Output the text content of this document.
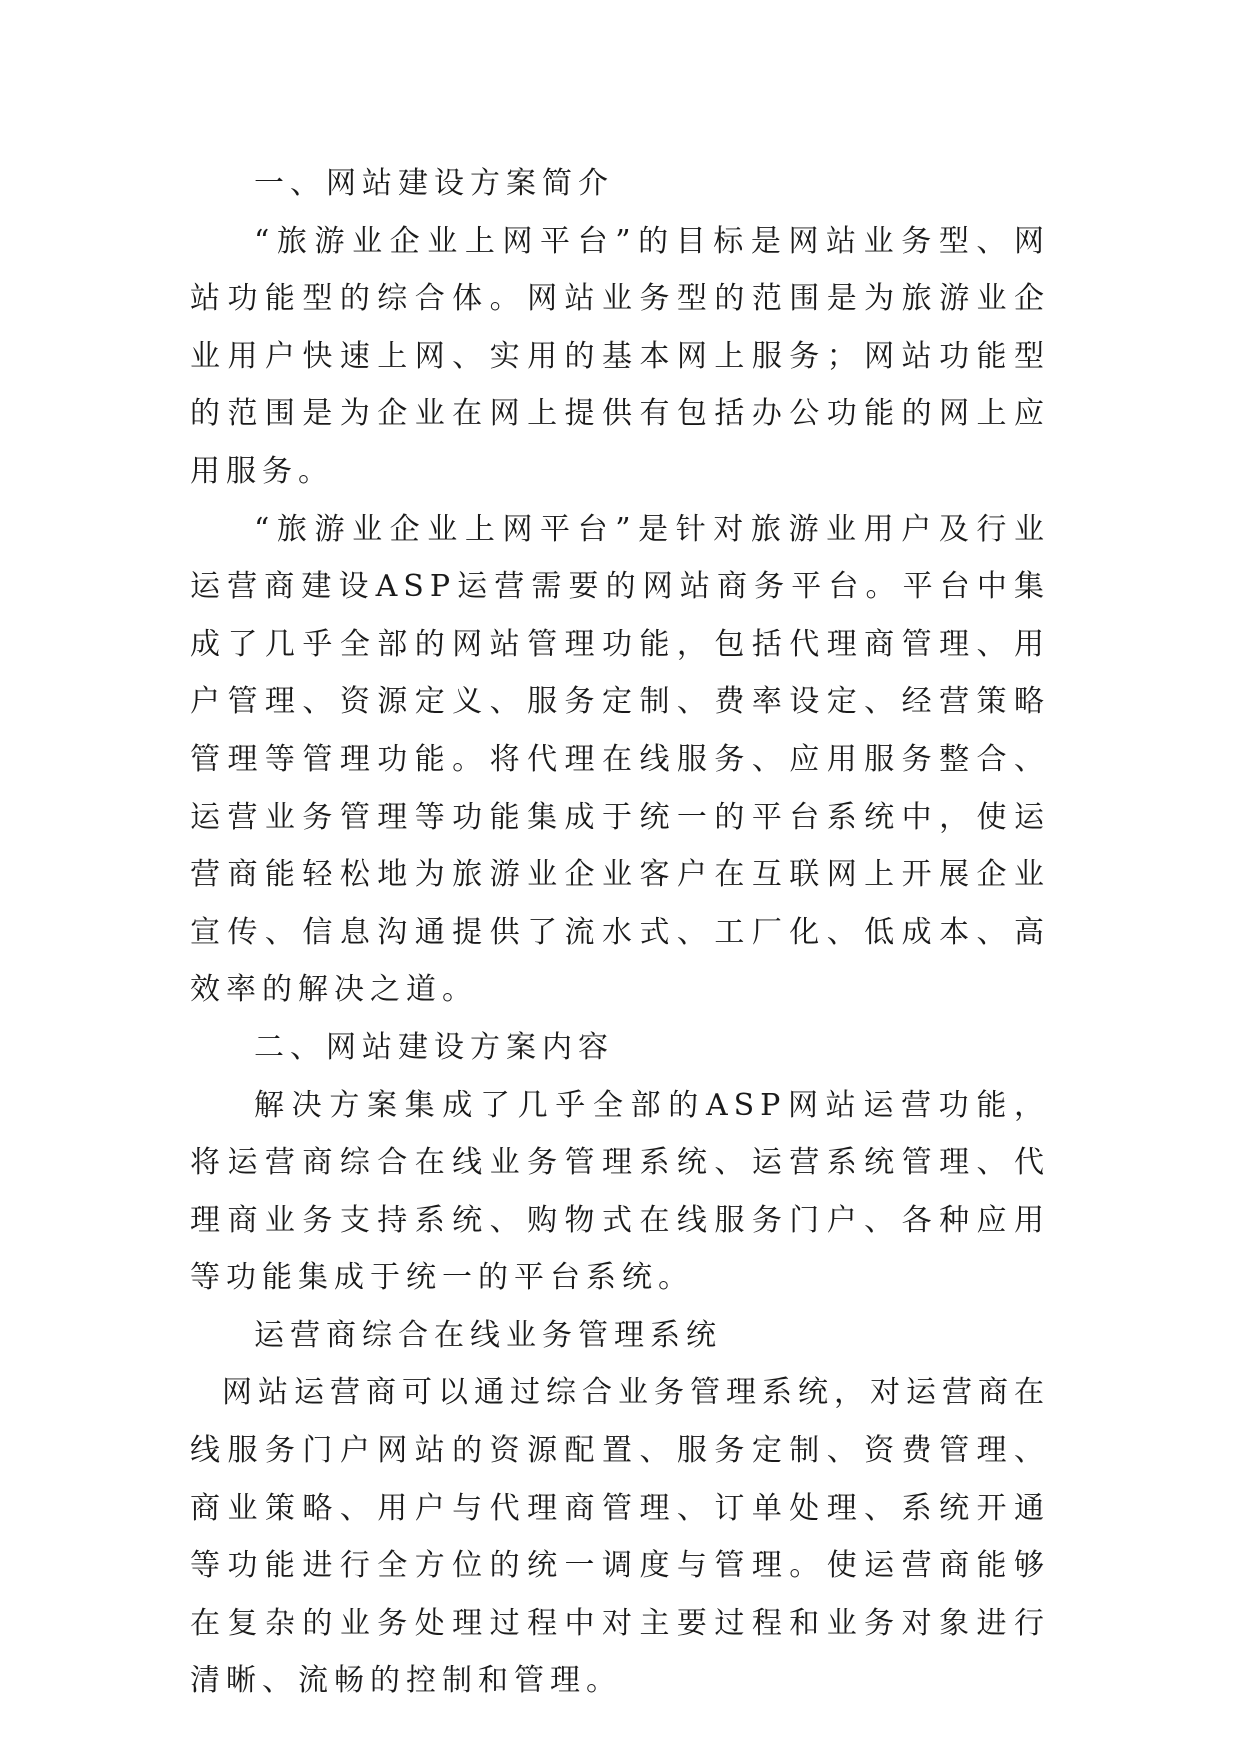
一、网站建设方案简介

“旅游业企业上网平台”的目标是网站业务型、网站功能型的综合体。网站业务型的范围是为旅游业企业用户快速上网、实用的基本网上服务；网站功能型的范围是为企业在网上提供有包括办公功能的网上应用服务。

“旅游业企业上网平台”是针对旅游业用户及行业运营商建设ASP运营需要的网站商务平台。平台中集成了几乎全部的网站管理功能，包括代理商管理、用户管理、资源定义、服务定制、费率设定、经营策略管理等管理功能。将代理在线服务、应用服务整合、运营业务管理等功能集成于统一的平台系统中，使运营商能轻松地为旅游业企业客户在互联网上开展企业宣传、信息沟通提供了流水式、工厂化、低成本、高效率的解决之道。

二、网站建设方案内容

解决方案集成了几乎全部的ASP网站运营功能，将运营商综合在线业务管理系统、运营系统管理、代理商业务支持系统、购物式在线服务门户、各种应用等功能集成于统一的平台系统。

运营商综合在线业务管理系统

网站运营商可以通过综合业务管理系统，对运营商在线服务门户网站的资源配置、服务定制、资费管理、商业策略、用户与代理商管理、订单处理、系统开通等功能进行全方位的统一调度与管理。使运营商能够在复杂的业务处理过程中对主要过程和业务对象进行清晰、流畅的控制和管理。
